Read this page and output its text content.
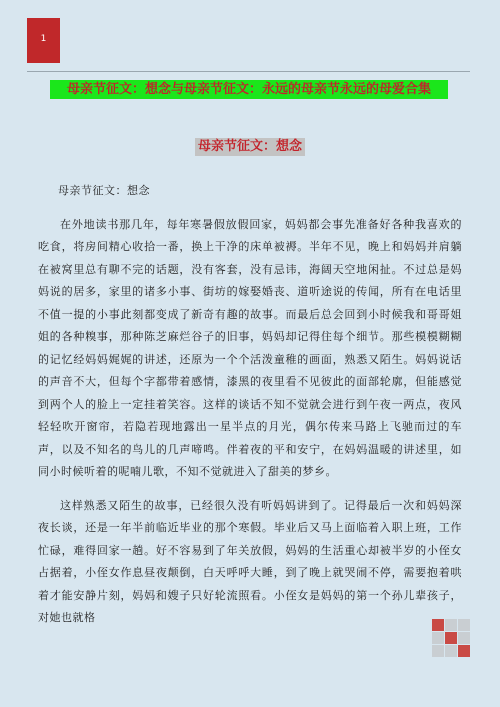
1
母亲节征文：想念与母亲节征文：永远的母亲节永远的母爱合集
母亲节征文：想念

母亲节征文：想念

在外地读书那几年，每年寒暑假放假回家，妈妈都会事先准备好各种我喜欢的吃食，将房间精心收拾一番，换上干净的床单被褥。半年不见，晚上和妈妈并肩躺在被窝里总有聊不完的话题，没有客套，没有忌讳，海阔天空地闲扯。不过总是妈妈说的居多，家里的诸多小事、街坊的嫁娶婚丧、道听途说的传闻，所有在电话里不值一提的小事此刻都变成了新奇有趣的故事。而最后总会回到小时候我和哥哥姐姐的各种糗事，那种陈芝麻烂谷子的旧事，妈妈却记得住每个细节。那些模模糊糊的记忆经妈妈娓娓的讲述，还原为一个个活泼童稚的画面，熟悉又陌生。妈妈说话的声音不大，但每个字都带着感情，漆黑的夜里看不见彼此的面部轮廓，但能感觉到两个人的脸上一定挂着笑容。这样的谈话不知不觉就会进行到午夜一两点，夜风轻轻吹开窗帘，若隐若现地露出一星半点的月光，偶尔传来马路上飞驰而过的车声，以及不知名的鸟儿的几声啼鸣。伴着夜的平和安宁，在妈妈温暖的讲述里，如同小时候听着的呢喃儿歌，不知不觉就进入了甜美的梦乡。

这样熟悉又陌生的故事，已经很久没有听妈妈讲到了。记得最后一次和妈妈深夜长谈，还是一年半前临近毕业的那个寒假。毕业后又马上面临着入职上班，工作忙碌，难得回家一趟。好不容易到了年关放假，妈妈的生活重心却被半岁的小侄女占据着，小侄女作息昼夜颠倒，白天呼呼大睡，到了晚上就哭闹不停，需要抱着哄着才能安静片刻，妈妈和嫂子只好轮流照看。小侄女是妈妈的第一个孙儿辈孩子，对她也就格
